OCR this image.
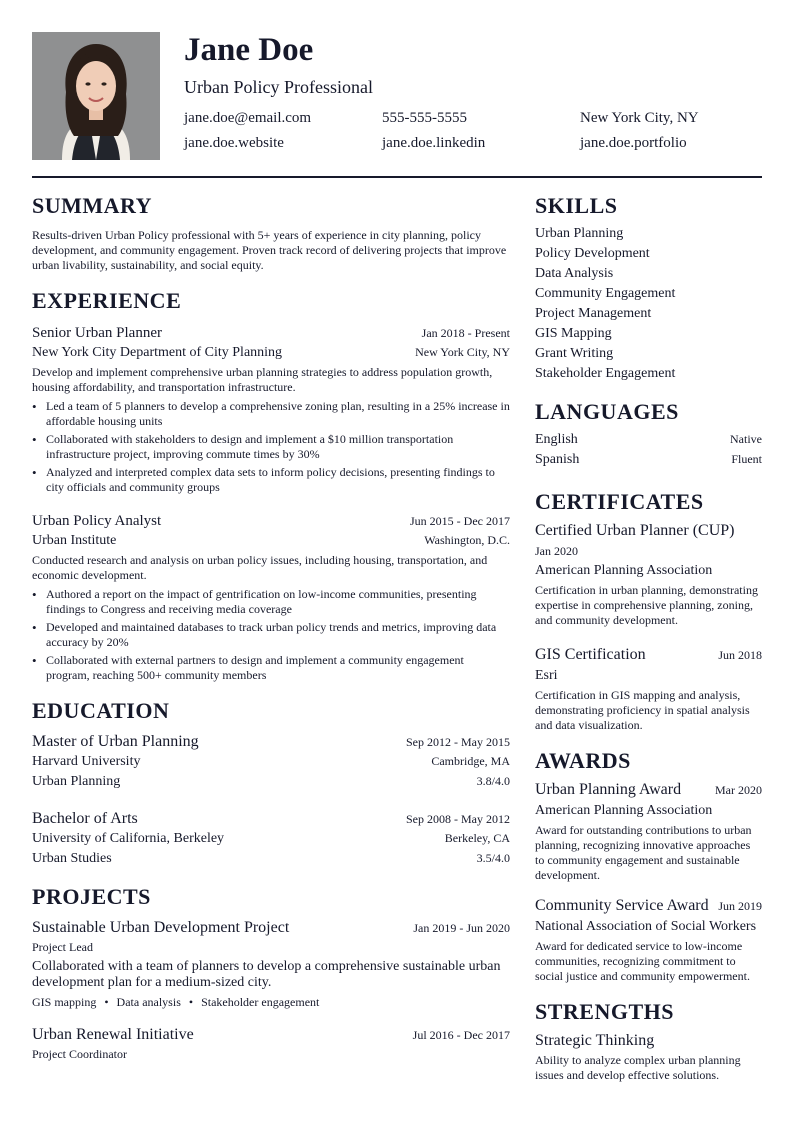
Jane Doe
Urban Policy Professional
jane.doe@email.com	555-555-5555	New York City, NY
jane.doe.website	jane.doe.linkedin	jane.doe.portfolio
SUMMARY
Results-driven Urban Policy professional with 5+ years of experience in city planning, policy development, and community engagement. Proven track record of delivering projects that improve urban livability, sustainability, and social equity.
EXPERIENCE
Senior Urban Planner	Jan 2018 - Present
New York City Department of City Planning	New York City, NY
Develop and implement comprehensive urban planning strategies to address population growth, housing affordability, and transportation infrastructure.
• Led a team of 5 planners to develop a comprehensive zoning plan, resulting in a 25% increase in affordable housing units
• Collaborated with stakeholders to design and implement a $10 million transportation infrastructure project, improving commute times by 30%
• Analyzed and interpreted complex data sets to inform policy decisions, presenting findings to city officials and community groups
Urban Policy Analyst	Jun 2015 - Dec 2017
Urban Institute	Washington, D.C.
Conducted research and analysis on urban policy issues, including housing, transportation, and economic development.
• Authored a report on the impact of gentrification on low-income communities, presenting findings to Congress and receiving media coverage
• Developed and maintained databases to track urban policy trends and metrics, improving data accuracy by 20%
• Collaborated with external partners to design and implement a community engagement program, reaching 500+ community members
EDUCATION
Master of Urban Planning	Sep 2012 - May 2015
Harvard University	Cambridge, MA
Urban Planning	3.8/4.0
Bachelor of Arts	Sep 2008 - May 2012
University of California, Berkeley	Berkeley, CA
Urban Studies	3.5/4.0
PROJECTS
Sustainable Urban Development Project	Jan 2019 - Jun 2020
Project Lead
Collaborated with a team of planners to develop a comprehensive sustainable urban development plan for a medium-sized city.
GIS mapping • Data analysis • Stakeholder engagement
Urban Renewal Initiative	Jul 2016 - Dec 2017
Project Coordinator
SKILLS
Urban Planning
Policy Development
Data Analysis
Community Engagement
Project Management
GIS Mapping
Grant Writing
Stakeholder Engagement
LANGUAGES
English	Native
Spanish	Fluent
CERTIFICATES
Certified Urban Planner (CUP)
Jan 2020
American Planning Association
Certification in urban planning, demonstrating expertise in comprehensive planning, zoning, and community development.
GIS Certification	Jun 2018
Esri
Certification in GIS mapping and analysis, demonstrating proficiency in spatial analysis and data visualization.
AWARDS
Urban Planning Award	Mar 2020
American Planning Association
Award for outstanding contributions to urban planning, recognizing innovative approaches to community engagement and sustainable development.
Community Service Award Jun 2019
National Association of Social Workers
Award for dedicated service to low-income communities, recognizing commitment to social justice and community empowerment.
STRENGTHS
Strategic Thinking
Ability to analyze complex urban planning issues and develop effective solutions.
